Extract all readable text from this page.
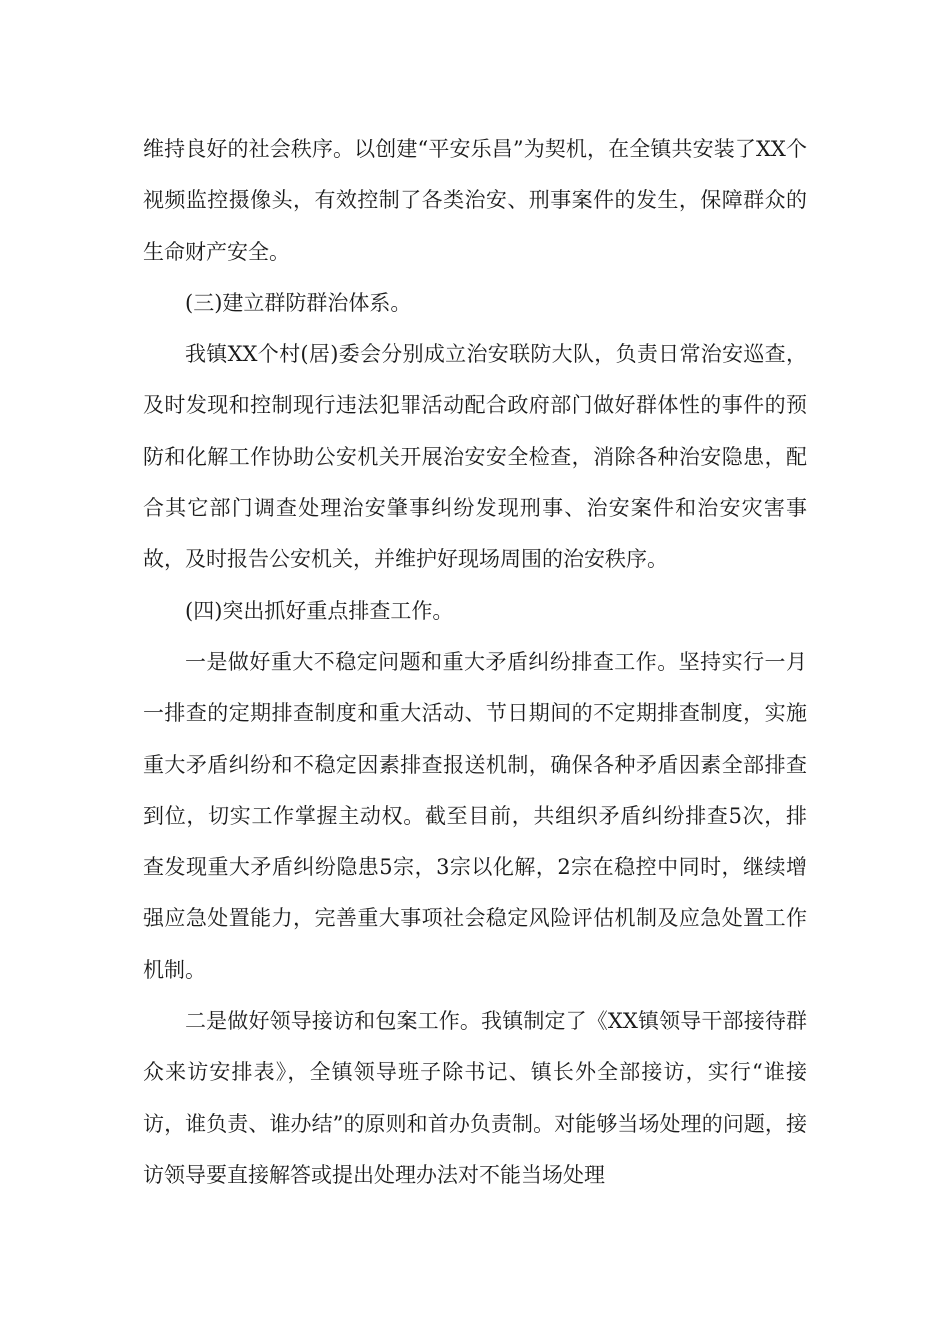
维持良好的社会秩序。以创建“平安乐昌”为契机，在全镇共安装了XX个视频监控摄像头，有效控制了各类治安、刑事案件的发生，保障群众的生命财产安全。

(三)建立群防群治体系。

我镇XX个村(居)委会分别成立治安联防大队，负责日常治安巡查，及时发现和控制现行违法犯罪活动配合政府部门做好群体性的事件的预防和化解工作协助公安机关开展治安安全检查，消除各种治安隐患，配合其它部门调查处理治安肇事纠纷发现刑事、治安案件和治安灾害事故，及时报告公安机关，并维护好现场周围的治安秩序。

(四)突出抓好重点排查工作。

一是做好重大不稳定问题和重大矛盾纠纷排查工作。坚持实行一月一排查的定期排查制度和重大活动、节日期间的不定期排查制度，实施重大矛盾纠纷和不稳定因素排查报送机制，确保各种矛盾因素全部排查到位，切实工作掌握主动权。截至目前，共组织矛盾纠纷排查5次，排查发现重大矛盾纠纷隐患5宗，3宗以化解，2宗在稳控中同时，继续增强应急处置能力，完善重大事项社会稳定风险评估机制及应急处置工作机制。

二是做好领导接访和包案工作。我镇制定了《XX镇领导干部接待群众来访安排表》，全镇领导班子除书记、镇长外全部接访，实行“谁接访，谁负责、谁办结”的原则和首办负责制。对能够当场处理的问题，接访领导要直接解答或提出处理办法对不能当场处理
